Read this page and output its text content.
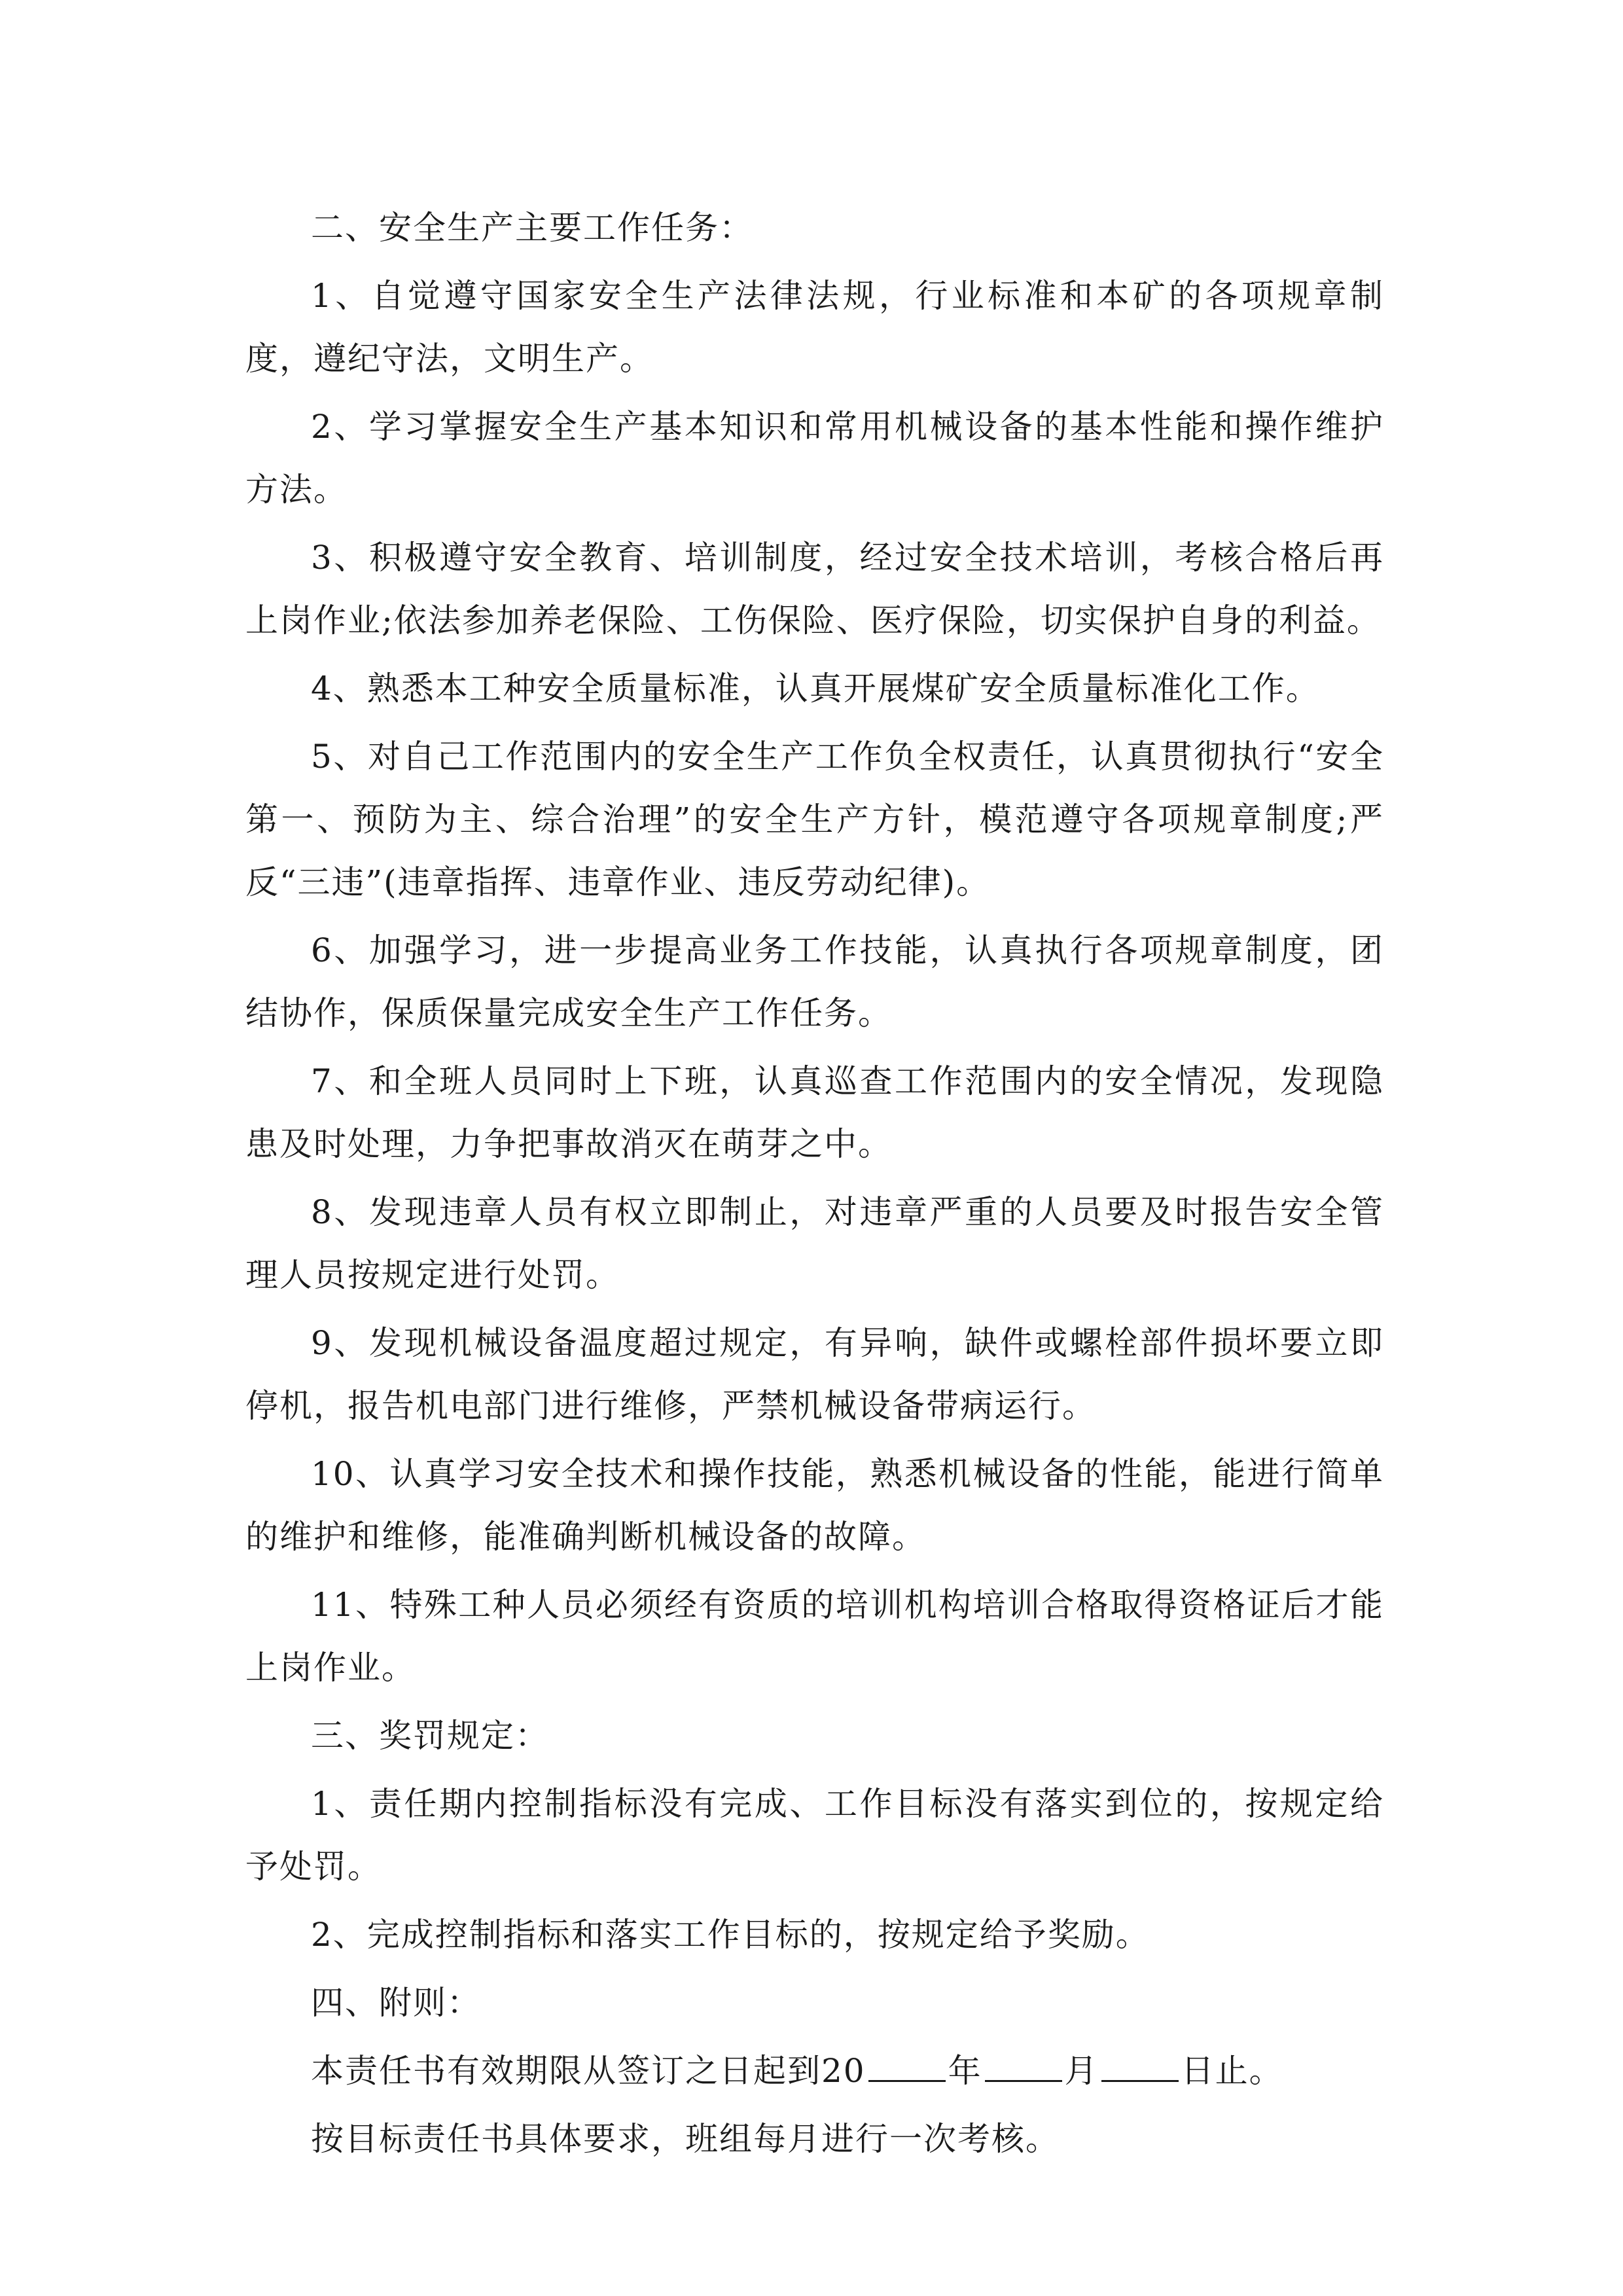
二、安全生产主要工作任务：

1、自觉遵守国家安全生产法律法规，行业标准和本矿的各项规章制度，遵纪守法，文明生产。

2、学习掌握安全生产基本知识和常用机械设备的基本性能和操作维护方法。

3、积极遵守安全教育、培训制度，经过安全技术培训，考核合格后再上岗作业;依法参加养老保险、工伤保险、医疗保险，切实保护自身的利益。

4、熟悉本工种安全质量标准，认真开展煤矿安全质量标准化工作。

5、对自己工作范围内的安全生产工作负全权责任，认真贯彻执行“安全第一、预防为主、综合治理”的安全生产方针，模范遵守各项规章制度;严反“三违”(违章指挥、违章作业、违反劳动纪律)。

6、加强学习，进一步提高业务工作技能，认真执行各项规章制度，团结协作，保质保量完成安全生产工作任务。

7、和全班人员同时上下班，认真巡查工作范围内的安全情况，发现隐患及时处理，力争把事故消灭在萌芽之中。

8、发现违章人员有权立即制止，对违章严重的人员要及时报告安全管理人员按规定进行处罚。

9、发现机械设备温度超过规定，有异响，缺件或螺栓部件损坏要立即停机，报告机电部门进行维修，严禁机械设备带病运行。

10、认真学习安全技术和操作技能，熟悉机械设备的性能，能进行简单的维护和维修，能准确判断机械设备的故障。

11、特殊工种人员必须经有资质的培训机构培训合格取得资格证后才能上岗作业。

三、奖罚规定：

1、责任期内控制指标没有完成、工作目标没有落实到位的，按规定给予处罚。

2、完成控制指标和落实工作目标的，按规定给予奖励。

四、附则：

本责任书有效期限从签订之日起到20	年	月	日止。

按目标责任书具体要求，班组每月进行一次考核。
